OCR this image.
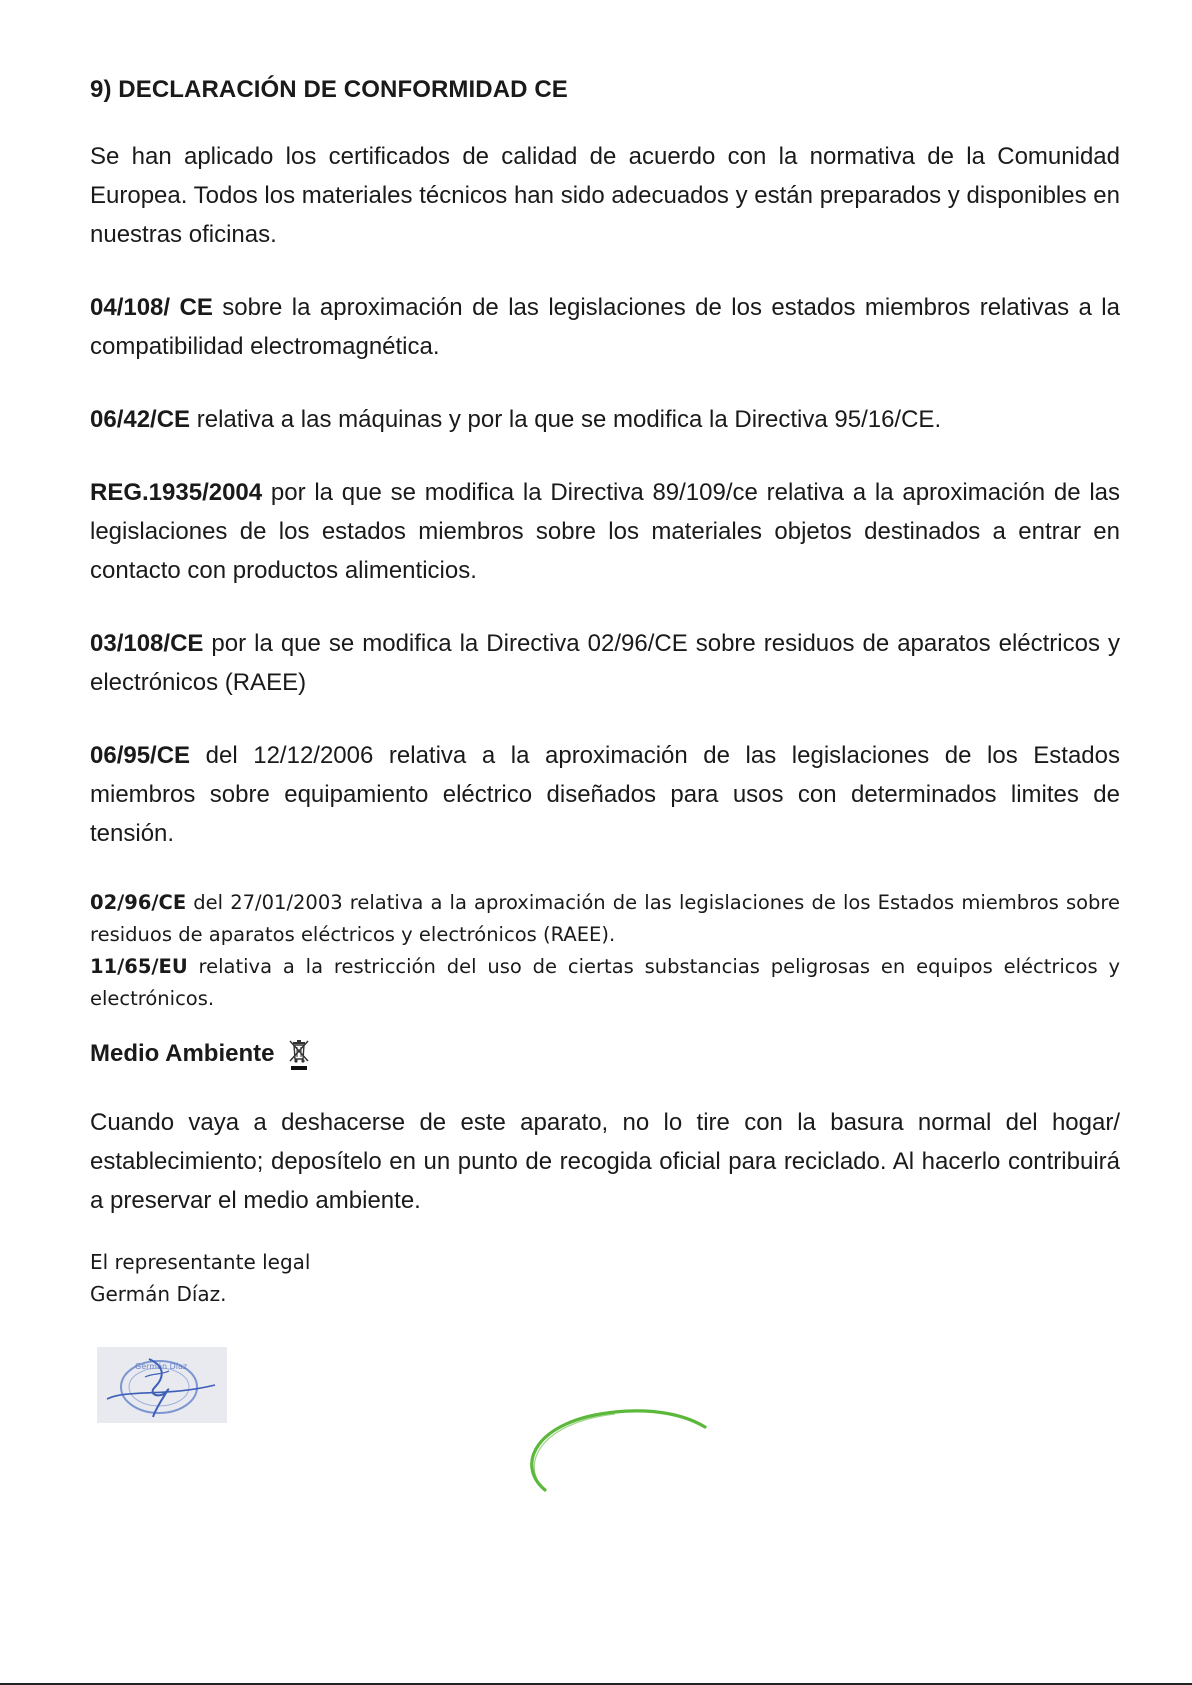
9) DECLARACIÓN DE CONFORMIDAD CE

Se han aplicado los certificados de calidad de acuerdo con la normativa de la Comunidad Europea. Todos los materiales técnicos han sido adecuados y están preparados y disponibles en nuestras oficinas.

04/108/ CE sobre la aproximación de las legislaciones de los estados miembros relativas a la compatibilidad electromagnética.

06/42/CE relativa a las máquinas y por la que se modifica la Directiva 95/16/CE.

REG.1935/2004 por la que se modifica la Directiva 89/109/ce relativa a la aproximación de las legislaciones de los estados miembros sobre los materiales objetos destinados a entrar en contacto con productos alimenticios.

03/108/CE por la que se modifica la Directiva 02/96/CE sobre residuos de aparatos eléctricos y electrónicos (RAEE)

06/95/CE del 12/12/2006 relativa a la aproximación de las legislaciones de los Estados miembros sobre equipamiento eléctrico diseñados para usos con determinados limites de tensión.

02/96/CE del 27/01/2003 relativa a la aproximación de las legislaciones de los Estados miembros sobre residuos de aparatos eléctricos y electrónicos (RAEE).

11/65/EU relativa a la restricción del uso de ciertas substancias peligrosas en equipos eléctricos y electrónicos.

Medio Ambiente

Cuando vaya a deshacerse de este aparato, no lo tire con la basura normal del hogar/ establecimiento; deposítelo en un punto de recogida oficial para reciclado. Al hacerlo contribuirá a preservar el medio ambiente.

El representante legal
Germán Díaz.
Germán Díaz
